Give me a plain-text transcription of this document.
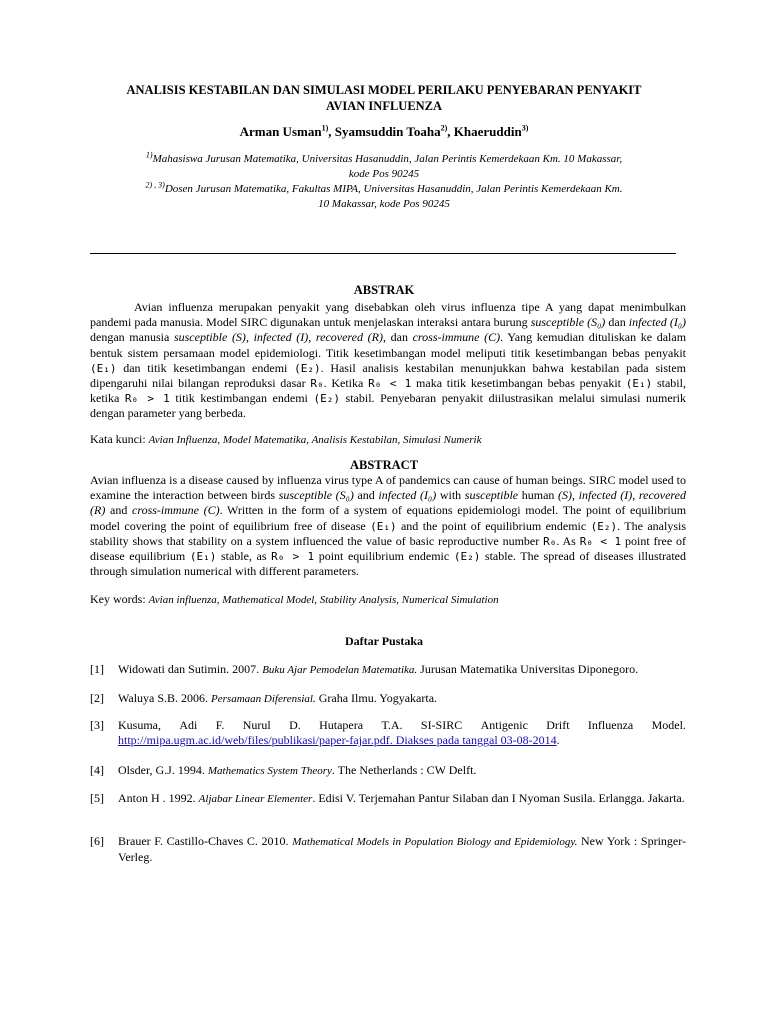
ANALISIS KESTABILAN DAN SIMULASI MODEL PERILAKU PENYEBARAN PENYAKIT
AVIAN INFLUENZA
Arman Usman$^{1)}$, Syamsuddin Toaha$^{2)}$, Khaeruddin$^{3)}$
$^{1)}$Mahasiswa Jurusan Matematika, Universitas Hasanuddin, Jalan Perintis Kemerdekaan Km. 10 Makassar,
kode Pos 90245
$^{2) , 3)}$Dosen Jurusan Matematika, Fakultas MIPA, Universitas Hasanuddin, Jalan Perintis Kemerdekaan Km.
10 Makassar, kode Pos 90245
ABSTRAK
Avian influenza merupakan penyakit yang disebabkan oleh virus influenza tipe A yang dapat menimbulkan pandemi pada manusia. Model SIRC digunakan untuk menjelaskan interaksi antara burung susceptible (S₀) dan infected (I₀) dengan manusia susceptible (S), infected (I), recovered (R), dan cross-immune (C). Yang kemudian dituliskan ke dalam bentuk sistem persamaan model epidemiologi. Titik kesetimbangan model meliputi titik kesetimbangan bebas penyakit (E₁) dan titik kesetimbangan endemi (E₂). Hasil analisis kestabilan menunjukkan bahwa kestabilan pada sistem dipengaruhi nilai bilangan reproduksi dasar R₀. Ketika R₀ < 1 maka titik kesetimbangan bebas penyakit (E₁) stabil, ketika R₀ > 1 titik kestimbangan endemi (E₂) stabil. Penyebaran penyakit diilustrasikan melalui simulasi numerik dengan parameter yang berbeda.
Kata kunci: Avian Influenza, Model Matematika, Analisis Kestabilan, Simulasi Numerik
ABSTRACT
Avian influenza is a disease caused by influenza virus type A of pandemics can cause of human beings. SIRC model used to examine the interaction between birds susceptible (S₀) and infected (I₀) with susceptible human (S), infected (I), recovered (R) and cross-immune (C). Written in the form of a system of equations epidemiologi model. The point of equilibrium model covering the point of equilibrium free of disease (E₁) and the point of equilibrium endemic (E₂). The analysis stability shows that stability on a system influenced the value of basic reproductive number R₀. As R₀ < 1 point free of disease equilibrium (E₁) stable, as R₀ > 1 point equilibrium endemic (E₂) stable. The spread of diseases illustrated through simulation numerical with different parameters.
Key words: Avian influenza, Mathematical Model, Stability Analysis, Numerical Simulation
Daftar Pustaka
[1]	Widowati dan Sutimin. 2007. Buku Ajar Pemodelan Matematika. Jurusan Matematika Universitas Diponegoro.
[2]	Waluya S.B. 2006. Persamaan Diferensial. Graha Ilmu. Yogyakarta.
[3]	Kusuma, Adi F. Nurul D. Hutapera T.A. SI-SIRC Antigenic Drift Influenza Model.
http://mipa.ugm.ac.id/web/files/publikasi/paper-fajar.pdf. Diakses pada tanggal 03-08-2014.
[4]	Olsder, G.J. 1994. Mathematics System Theory. The Netherlands : CW Delft.
[5]	Anton H . 1992. Aljabar Linear Elementer. Edisi V. Terjemahan Pantur Silaban dan I Nyoman Susila. Erlangga. Jakarta.
[6]	Brauer F. Castillo-Chaves C. 2010. Mathematical Models in Population Biology and Epidemiology. New York : Springer-Verleg.
